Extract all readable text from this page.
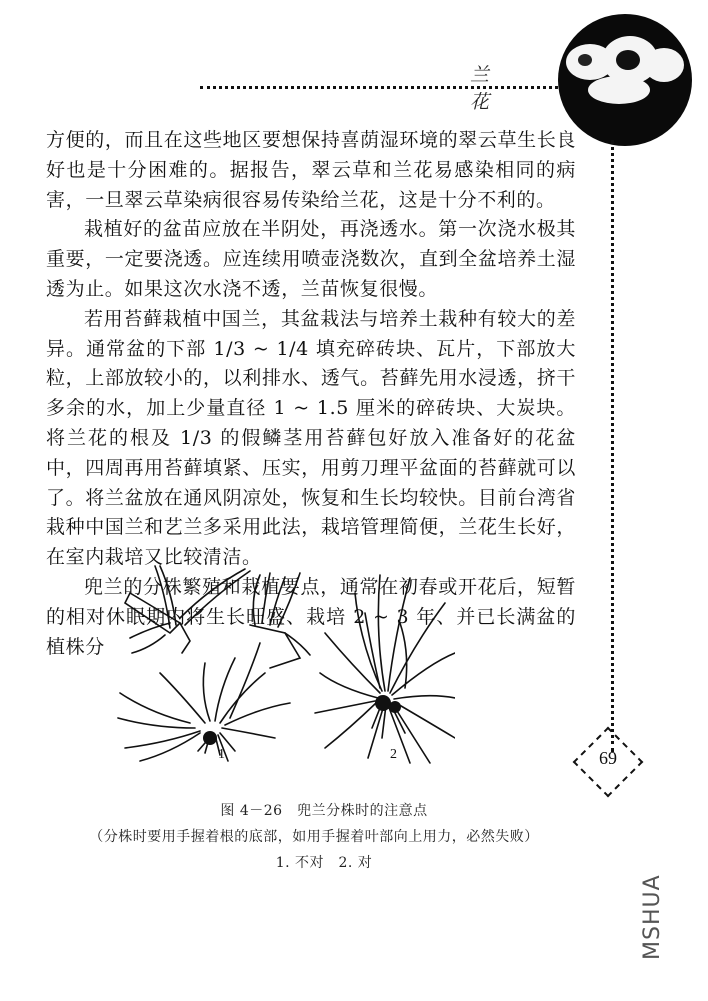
兰 花

方便的，而且在这些地区要想保持喜荫湿环境的翠云草生长良好也是十分困难的。据报告，翠云草和兰花易感染相同的病害，一旦翠云草染病很容易传染给兰花，这是十分不利的。

栽植好的盆苗应放在半阴处，再浇透水。第一次浇水极其重要，一定要浇透。应连续用喷壶浇数次，直到全盆培养土湿透为止。如果这次水浇不透，兰苗恢复很慢。

若用苔藓栽植中国兰，其盆栽法与培养土栽种有较大的差异。通常盆的下部 1/3 ~ 1/4 填充碎砖块、瓦片，下部放大粒，上部放较小的，以利排水、透气。苔藓先用水浸透，挤干多余的水，加上少量直径 1 ~ 1.5 厘米的碎砖块、大炭块。将兰花的根及 1/3 的假鳞茎用苔藓包好放入准备好的花盆中，四周再用苔藓填紧、压实，用剪刀理平盆面的苔藓就可以了。将兰盆放在通风阴凉处，恢复和生长均较快。目前台湾省栽种中国兰和艺兰多采用此法，栽培管理简便，兰花生长好，在室内栽培又比较清洁。

兜兰的分株繁殖和栽植要点，通常在初春或开花后，短暂的相对休眠期内将生长旺盛、栽培 2 ~ 3 年、并已长满盆的植株分

1	2	69
图 4－26　兜兰分株时的注意点
（分株时要用手握着根的底部，如用手握着叶部向上用力，必然失败）
1. 不对　2. 对
MSHUA
